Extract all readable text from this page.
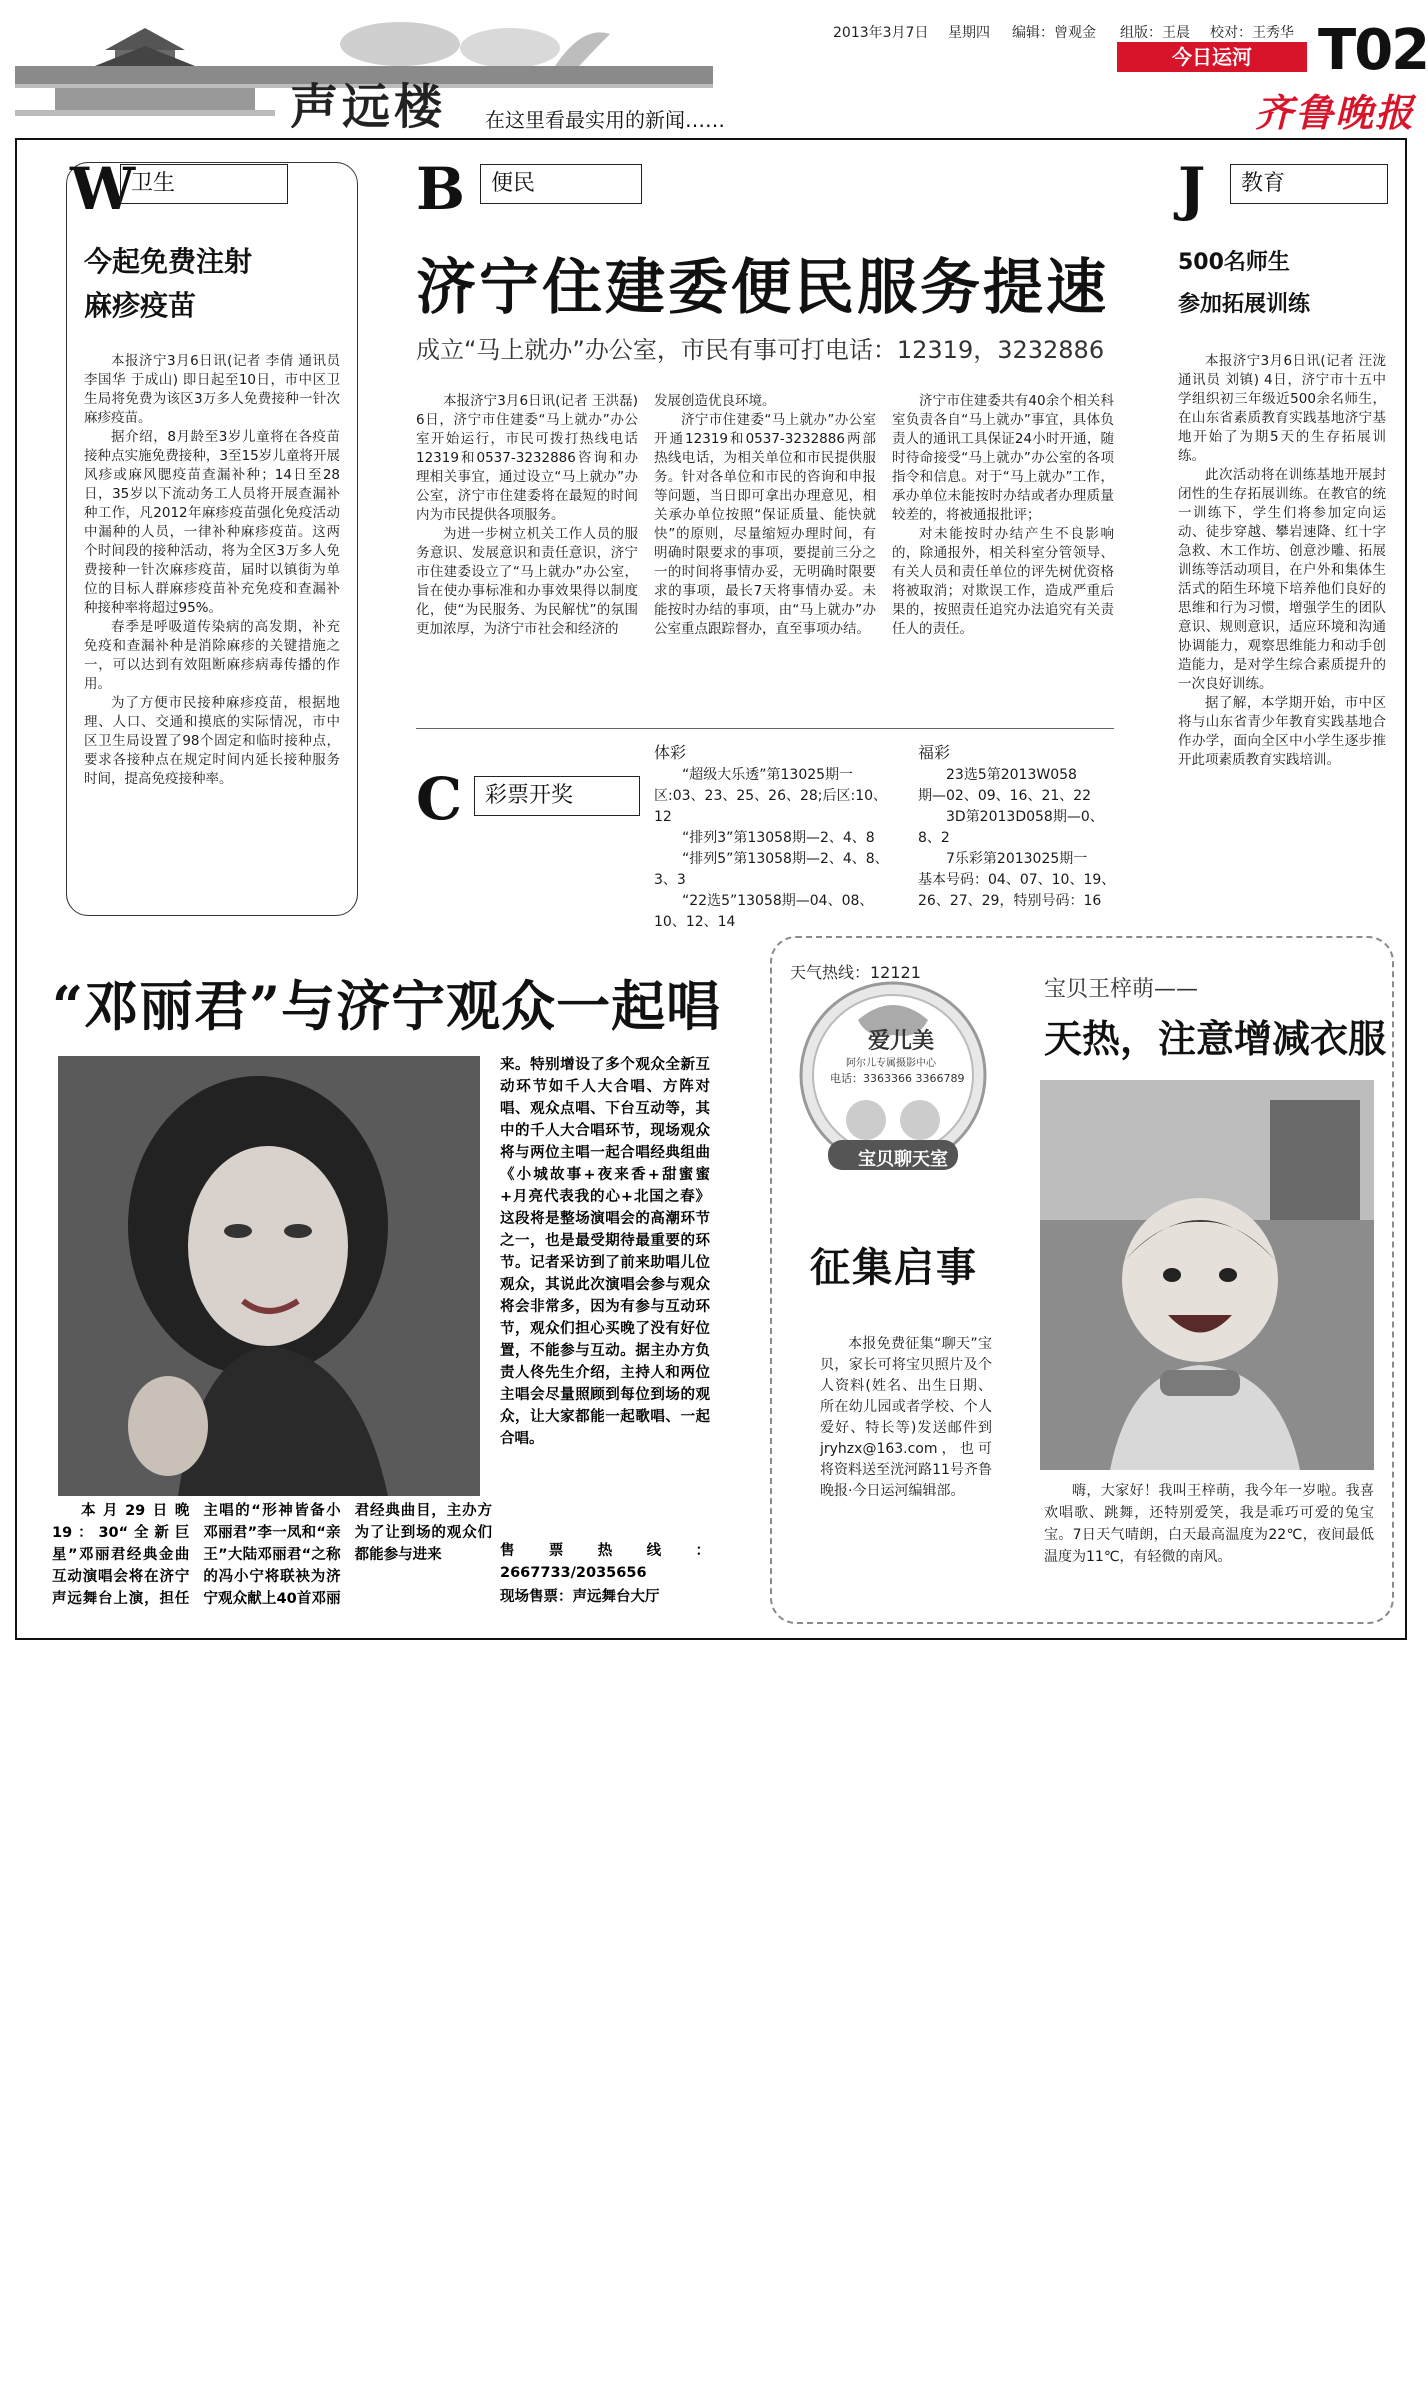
声远楼 在这里看最实用的新闻……
2013年3月7日 星期四 编辑：曾观金 组版：王晨 校对：王秀华
今日运河	T02
齐鲁晚报
W
卫生
今起免费注射
麻疹疫苗

本报济宁3月6日讯(记者 李倩 通讯员 李国华 于成山) 即日起至10日，市中区卫生局将免费为该区3万多人免费接种一针次麻疹疫苗。

据介绍，8月龄至3岁儿童将在各疫苗接种点实施免费接种，3至15岁儿童将开展风疹或麻风腮疫苗查漏补种；14日至28日，35岁以下流动务工人员将开展查漏补种工作，凡2012年麻疹疫苗强化免疫活动中漏种的人员，一律补种麻疹疫苗。这两个时间段的接种活动，将为全区3万多人免费接种一针次麻疹疫苗，届时以镇街为单位的目标人群麻疹疫苗补充免疫和查漏补种接种率将超过95%。

春季是呼吸道传染病的高发期，补充免疫和查漏补种是消除麻疹的关键措施之一，可以达到有效阻断麻疹病毒传播的作用。

为了方便市民接种麻疹疫苗，根据地理、人口、交通和摸底的实际情况，市中区卫生局设置了98个固定和临时接种点，要求各接种点在规定时间内延长接种服务时间，提高免疫接种率。

B	便民
济宁住建委便民服务提速
成立“马上就办”办公室，市民有事可打电话：12319，3232886

本报济宁3月6日讯(记者 王洪磊) 6日，济宁市住建委“马上就办”办公室开始运行，市民可拨打热线电话12319和0537-3232886咨询和办理相关事宜，通过设立“马上就办”办公室，济宁市住建委将在最短的时间内为市民提供各项服务。

为进一步树立机关工作人员的服务意识、发展意识和责任意识，济宁市住建委设立了“马上就办”办公室，旨在使办事标准和办事效果得以制度化，使“为民服务、为民解忧”的氛围更加浓厚，为济宁市社会和经济的

发展创造优良环境。

济宁市住建委“马上就办”办公室开通12319和0537-3232886两部热线电话，为相关单位和市民提供服务。针对各单位和市民的咨询和申报等问题，当日即可拿出办理意见，相关承办单位按照“保证质量、能快就快”的原则，尽量缩短办理时间，有明确时限要求的事项，要提前三分之一的时间将事情办妥，无明确时限要求的事项，最长7天将事情办妥。未能按时办结的事项，由“马上就办”办公室重点跟踪督办，直至事项办结。

济宁市住建委共有40余个相关科室负责各自“马上就办”事宜，具体负责人的通讯工具保证24小时开通，随时待命接受“马上就办”办公室的各项指令和信息。对于“马上就办”工作，承办单位未能按时办结或者办理质量较差的，将被通报批评；

对未能按时办结产生不良影响的，除通报外，相关科室分管领导、有关人员和责任单位的评先树优资格将被取消；对欺误工作，造成严重后果的，按照责任追究办法追究有关责任人的责任。

C	彩票开奖
体彩
“超级大乐透”第13025期一
区:03、23、25、26、28;后区:10、12
“排列3”第13058期—2、4、8
“排列5”第13058期—2、4、8、
3、3
“22选5”13058期—04、08、
10、12、14
福彩
23选5第2013W058
期—02、09、16、21、22
3D第2013D058期—0、
8、2
7乐彩第2013025期一
基本号码：04、07、10、19、
26、27、29，特别号码：16
J	教育
500名师生
参加拓展训练

本报济宁3月6日讯(记者 汪泷 通讯员 刘镇) 4日，济宁市十五中学组织初三年级近500余名师生，在山东省素质教育实践基地济宁基地开始了为期5天的生存拓展训练。

此次活动将在训练基地开展封闭性的生存拓展训练。在教官的统一训练下，学生们将参加定向运动、徒步穿越、攀岩速降、红十字急救、木工作坊、创意沙雕、拓展训练等活动项目，在户外和集体生活式的陌生环境下培养他们良好的思维和行为习惯，增强学生的团队意识、规则意识，适应环境和沟通协调能力，观察思维能力和动手创造能力，是对学生综合素质提升的一次良好训练。

据了解，本学期开始，市中区将与山东省青少年教育实践基地合作办学，面向全区中小学生逐步推开此项素质教育实践培训。

“邓丽君”与济宁观众一起唱
来。特别增设了多个观众全新互动环节如千人大合唱、方阵对唱、观众点唱、下台互动等，其中的千人大合唱环节，现场观众将与两位主唱一起合唱经典组曲《小城故事+夜来香+甜蜜蜜+月亮代表我的心+北国之春》这段将是整场演唱会的高潮环节之一，也是最受期待最重要的环节。记者采访到了前来助唱儿位观众，其说此次演唱会参与观众将会非常多，因为有参与互动环节，观众们担心买晚了没有好位置，不能参与互动。据主办方负责人佟先生介绍，主持人和两位主唱会尽量照顾到每位到场的观众，让大家都能一起歌唱、一起合唱。
售票热线：2667733/2035656
现场售票：声远舞台大厅
本月29日晚19：30“全新巨星”邓丽君经典金曲互动演唱会将在济宁声远舞台上演，担任主唱的“形神皆备小邓丽君”李一凤和“亲王”大陆邓丽君“之称的冯小宁将联袂为济宁观众献上40首邓丽君经典曲目，主办方为了让到场的观众们都能参与进来
天气热线：12121
爱儿美
阿尔儿专属摄影中心
电话：3363366 3366789
宝贝聊天室
宝贝王梓萌——
天热，注意增减衣服
征集启事
本报免费征集“聊天”宝贝，家长可将宝贝照片及个人资料(姓名、出生日期、所在幼儿园或者学校、个人爱好、特长等)发送邮件到jryhzx@163.com，也可将资料送至洸河路11号齐鲁晚报·今日运河编辑部。	嗨，大家好！我叫王梓萌，我今年一岁啦。我喜欢唱歌、跳舞，还特别爱笑，我是乖巧可爱的兔宝宝。7日天气晴朗，白天最高温度为22℃，夜间最低温度为11℃，有轻微的南风。
